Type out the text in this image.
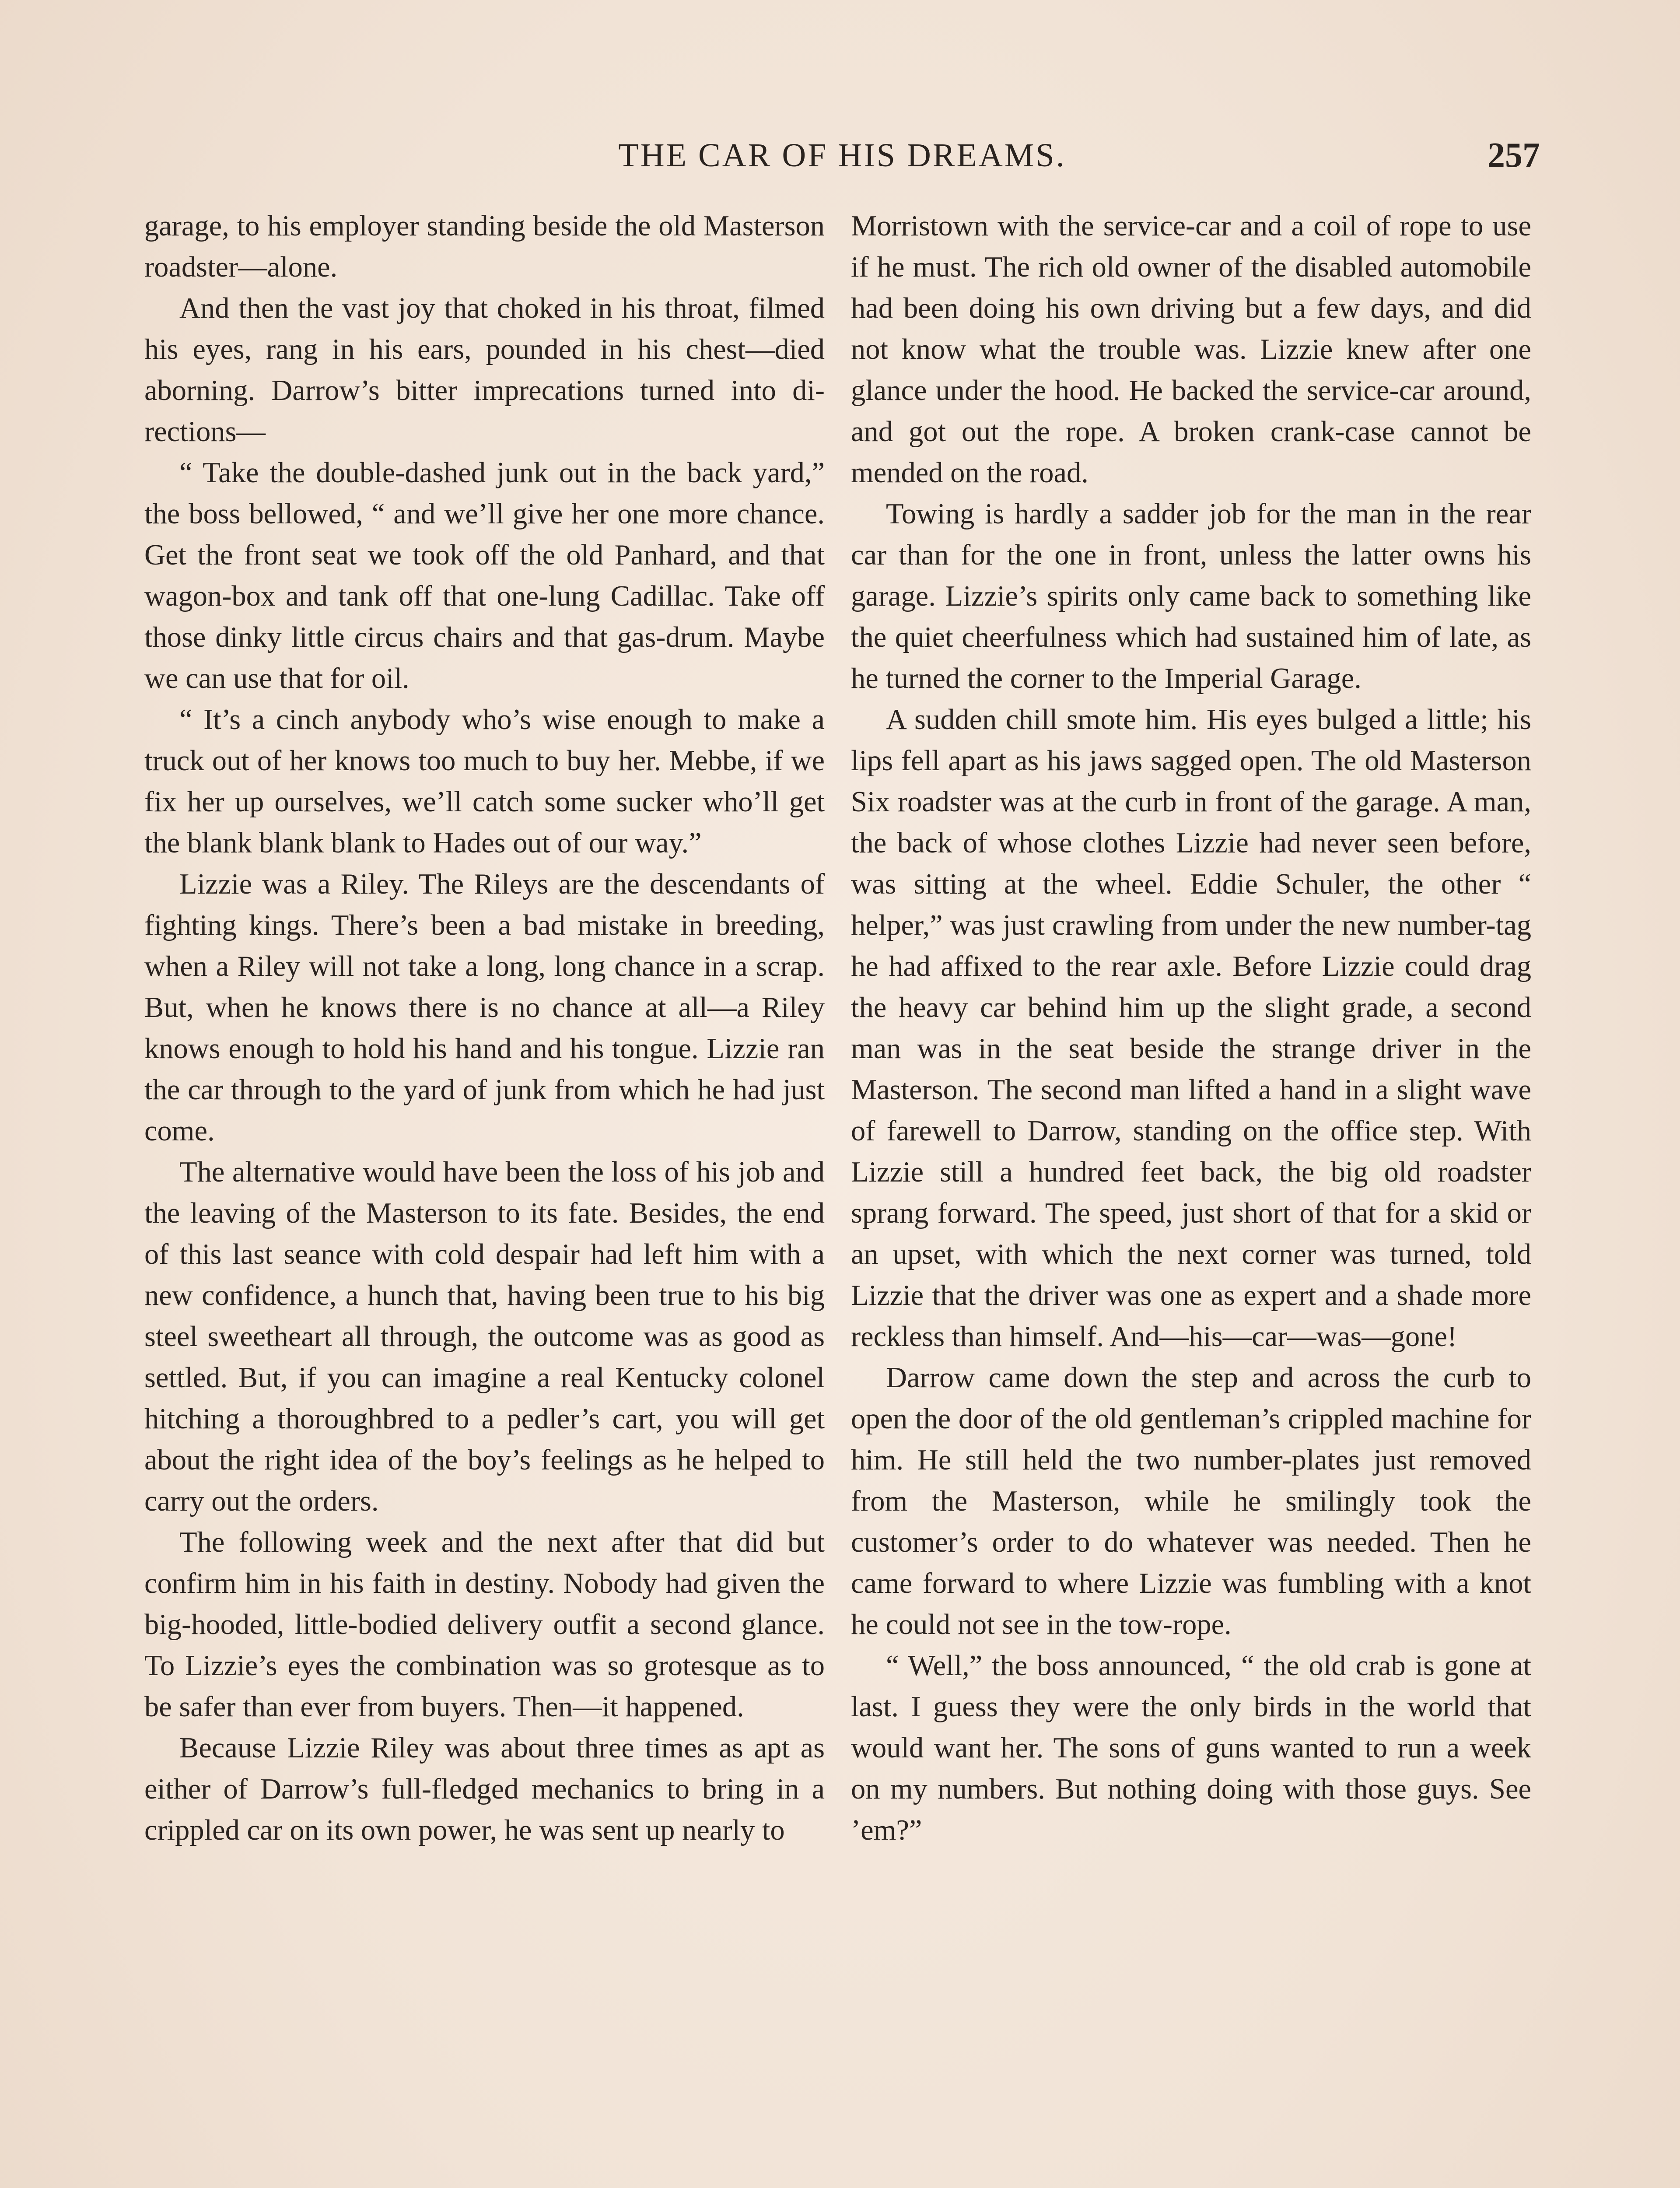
THE CAR OF HIS DREAMS.	257

garage, to his employer standing beside the old Masterson roadster—alone.

And then the vast joy that choked in his throat, filmed his eyes, rang in his ears, pounded in his chest—died aborning. Darrow’s bitter imprecations turned into directions—

“ Take the double-dashed junk out in the back yard,” the boss bellowed, “ and we’ll give her one more chance. Get the front seat we took off the old Panhard, and that wagon-box and tank off that one-lung Cadillac. Take off those dinky little circus chairs and that gas-drum. Maybe we can use that for oil.

“ It’s a cinch anybody who’s wise enough to make a truck out of her knows too much to buy her. Mebbe, if we fix her up ourselves, we’ll catch some sucker who’ll get the blank blank blank to Hades out of our way.”

Lizzie was a Riley. The Rileys are the descendants of fighting kings. There’s been a bad mistake in breeding, when a Riley will not take a long, long chance in a scrap. But, when he knows there is no chance at all—a Riley knows enough to hold his hand and his tongue. Lizzie ran the car through to the yard of junk from which he had just come.

The alternative would have been the loss of his job and the leaving of the Masterson to its fate. Besides, the end of this last seance with cold despair had left him with a new confidence, a hunch that, having been true to his big steel sweetheart all through, the outcome was as good as settled. But, if you can imagine a real Kentucky colonel hitching a thoroughbred to a pedler’s cart, you will get about the right idea of the boy’s feelings as he helped to carry out the orders.

The following week and the next after that did but confirm him in his faith in destiny. Nobody had given the big-hooded, little-bodied delivery outfit a second glance. To Lizzie’s eyes the combination was so grotesque as to be safer than ever from buyers. Then—it happened.

Because Lizzie Riley was about three times as apt as either of Darrow’s full-fledged mechanics to bring in a crippled car on its own power, he was sent up nearly to

Morristown with the service-car and a coil of rope to use if he must. The rich old owner of the disabled automobile had been doing his own driving but a few days, and did not know what the trouble was. Lizzie knew after one glance under the hood. He backed the service-car around, and got out the rope. A broken crank-case cannot be mended on the road.

Towing is hardly a sadder job for the man in the rear car than for the one in front, unless the latter owns his garage. Lizzie’s spirits only came back to something like the quiet cheerfulness which had sustained him of late, as he turned the corner to the Imperial Garage.

A sudden chill smote him. His eyes bulged a little; his lips fell apart as his jaws sagged open. The old Masterson Six roadster was at the curb in front of the garage. A man, the back of whose clothes Lizzie had never seen before, was sitting at the wheel. Eddie Schuler, the other “ helper,” was just crawling from under the new number-tag he had affixed to the rear axle. Before Lizzie could drag the heavy car behind him up the slight grade, a second man was in the seat beside the strange driver in the Masterson. The second man lifted a hand in a slight wave of farewell to Darrow, standing on the office step. With Lizzie still a hundred feet back, the big old roadster sprang forward. The speed, just short of that for a skid or an upset, with which the next corner was turned, told Lizzie that the driver was one as expert and a shade more reckless than himself. And—his—car—was—gone!

Darrow came down the step and across the curb to open the door of the old gentleman’s crippled machine for him. He still held the two number-plates just removed from the Masterson, while he smilingly took the customer’s order to do whatever was needed. Then he came forward to where Lizzie was fumbling with a knot he could not see in the tow-rope.

“ Well,” the boss announced, “ the old crab is gone at last. I guess they were the only birds in the world that would want her. The sons of guns wanted to run a week on my numbers. But nothing doing with those guys. See ’em?”
